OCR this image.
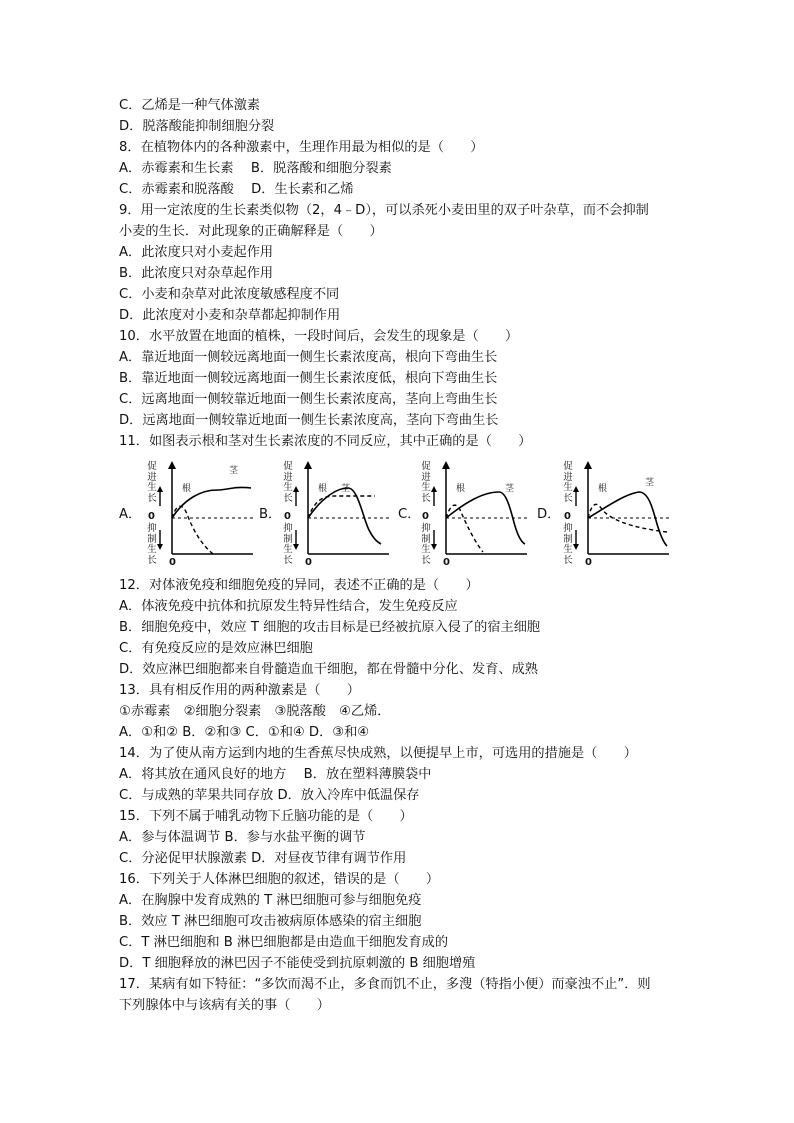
C．乙烯是一种气体激素
D．脱落酸能抑制细胞分裂
8．在植物体内的各种激素中，生理作用最为相似的是（　　）
A．赤霉素和生长素　 B．脱落酸和细胞分裂素
C．赤霉素和脱落酸　 D．生长素和乙烯
9．用一定浓度的生长素类似物（2，4﹣D），可以杀死小麦田里的双子叶杂草，而不会抑制
小麦的生长．对此现象的正确解释是（　　）
A．此浓度只对小麦起作用
B．此浓度只对杂草起作用
C．小麦和杂草对此浓度敏感程度不同
D．此浓度对小麦和杂草都起抑制作用
10．水平放置在地面的植株，一段时间后，会发生的现象是（　　）
A．靠近地面一侧较远离地面一侧生长素浓度高，根向下弯曲生长
B．靠近地面一侧较远离地面一侧生长素浓度低，根向下弯曲生长
C．远离地面一侧较靠近地面一侧生长素浓度高，茎向上弯曲生长
D．远离地面一侧较靠近地面一侧生长素浓度高，茎向下弯曲生长
11．如图表示根和茎对生长素浓度的不同反应，其中正确的是（　　）
12．对体液免疫和细胞免疫的异同，表述不正确的是（　　）
A．体液免疫中抗体和抗原发生特异性结合，发生免疫反应
B．细胞免疫中，效应 T 细胞的攻击目标是已经被抗原入侵了的宿主细胞
C．有免疫反应的是效应淋巴细胞
D．效应淋巴细胞都来自骨髓造血干细胞，都在骨髓中分化、发育、成熟
13．具有相反作用的两种激素是（　　）
①赤霉素　②细胞分裂素　③脱落酸　④乙烯．
A．①和② B．②和③ C．①和④ D．③和④
14．为了使从南方运到内地的生香蕉尽快成熟，以便提早上市，可选用的措施是（　　）
A．将其放在通风良好的地方　 B．放在塑料薄膜袋中
C．与成熟的苹果共同存放 D．放入冷库中低温保存
15．下列不属于哺乳动物下丘脑功能的是（　　）
A．参与体温调节 B．参与水盐平衡的调节
C．分泌促甲状腺激素 D．对昼夜节律有调节作用
16．下列关于人体淋巴细胞的叙述，错误的是（　　）
A．在胸腺中发育成熟的 T 淋巴细胞可参与细胞免疫
B．效应 T 淋巴细胞可攻击被病原体感染的宿主细胞
C．T 淋巴细胞和 B 淋巴细胞都是由造血干细胞发育成的
D．T 细胞释放的淋巴因子不能使受到抗原刺激的 B 细胞增殖
17．某病有如下特征：“多饮而渴不止，多食而饥不止，多溲（特指小便）而豪浊不止”．则
下列腺体中与该病有关的事（　　）
A．	B．	C．	D．
促进生长
0
抑制生长 0
根
茎	促进生长
0
抑制生长 0
根 茎
促进生长
0
抑制生长 0
根	茎
促进生长
0
抑制生长 0
根
茎
